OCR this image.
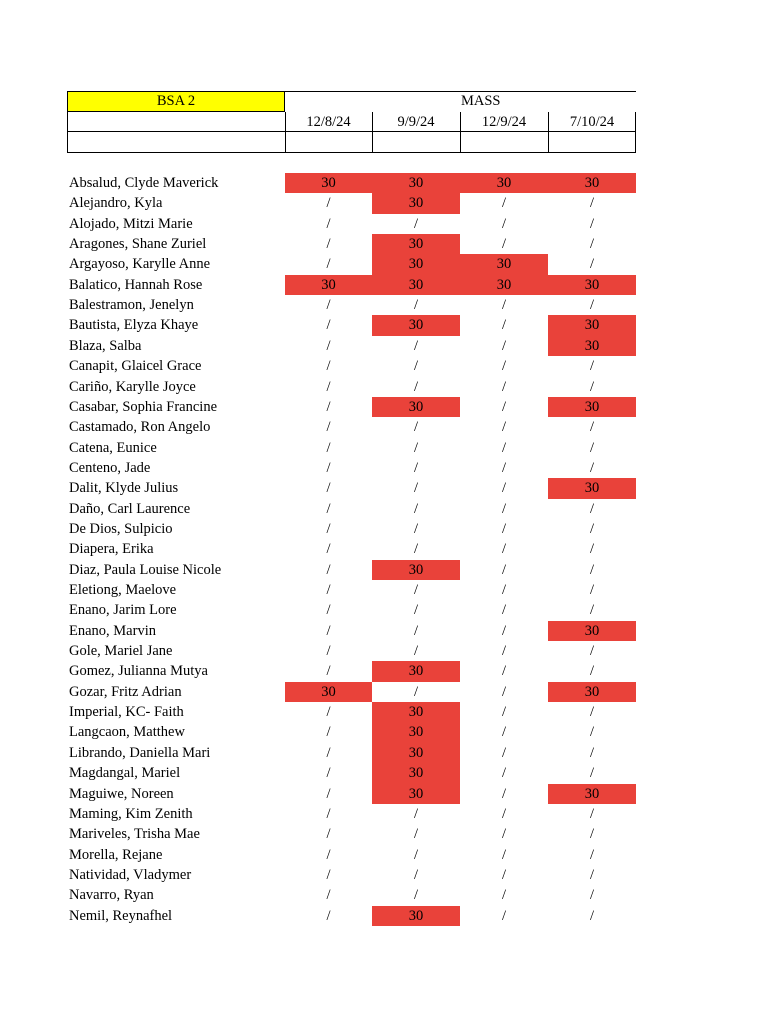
BSA 2	MASS
12/8/24	9/9/24	12/9/24	7/10/24
Absalud, Clyde Maverick	30	30	30	30
Alejandro, Kyla	/	30	/	/
Alojado, Mitzi Marie	/	/	/	/
Aragones, Shane Zuriel	/	30	/	/
Argayoso, Karylle Anne	/	30	30	/
Balatico, Hannah Rose	30	30	30	30
Balestramon, Jenelyn	/	/	/	/
Bautista, Elyza Khaye	/	30	/	30
Blaza, Salba	/	/	/	30
Canapit, Glaicel Grace	/	/	/	/
Cariño, Karylle Joyce	/	/	/	/
Casabar, Sophia Francine	/	30	/	30
Castamado, Ron Angelo	/	/	/	/
Catena, Eunice	/	/	/	/
Centeno, Jade	/	/	/	/
Dalit, Klyde Julius	/	/	/	30
Daño, Carl Laurence	/	/	/	/
De Dios, Sulpicio	/	/	/	/
Diapera, Erika	/	/	/	/
Diaz, Paula Louise Nicole	/	30	/	/
Eletiong, Maelove	/	/	/	/
Enano, Jarim Lore	/	/	/	/
Enano, Marvin	/	/	/	30
Gole, Mariel Jane	/	/	/	/
Gomez, Julianna Mutya	/	30	/	/
Gozar, Fritz Adrian	30	/	/	30
Imperial, KC- Faith	/	30	/	/
Langcaon, Matthew	/	30	/	/
Librando, Daniella Mari	/	30	/	/
Magdangal, Mariel	/	30	/	/
Maguiwe, Noreen	/	30	/	30
Maming, Kim Zenith	/	/	/	/
Mariveles, Trisha Mae	/	/	/	/
Morella, Rejane	/	/	/	/
Natividad, Vladymer	/	/	/	/
Navarro, Ryan	/	/	/	/
Nemil, Reynafhel	/	30	/	/
